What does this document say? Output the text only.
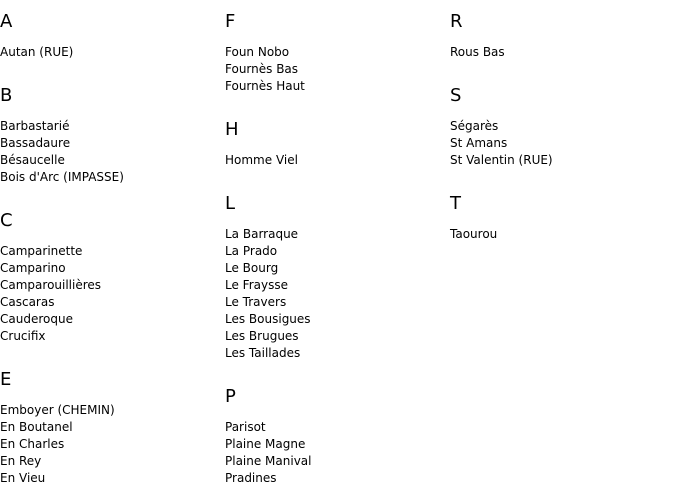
A
Autan (RUE)
B
Barbastarié
Bassadaure
Bésaucelle
Bois d'Arc (IMPASSE)
C
Camparinette
Camparino
Camparouillières
Cascaras
Cauderoque
Crucifix
E
Emboyer (CHEMIN)
En Boutanel
En Charles
En Rey
En Vieu
F
Foun Nobo
Fournès Bas
Fournès Haut
H
Homme Viel
L
La Barraque
La Prado
Le Bourg
Le Fraysse
Le Travers
Les Bousigues
Les Brugues
Les Taillades
P
Parisot
Plaine Magne
Plaine Manival
Pradines
R
Rous Bas
S
Ségarès
St Amans
St Valentin (RUE)
T
Taourou
